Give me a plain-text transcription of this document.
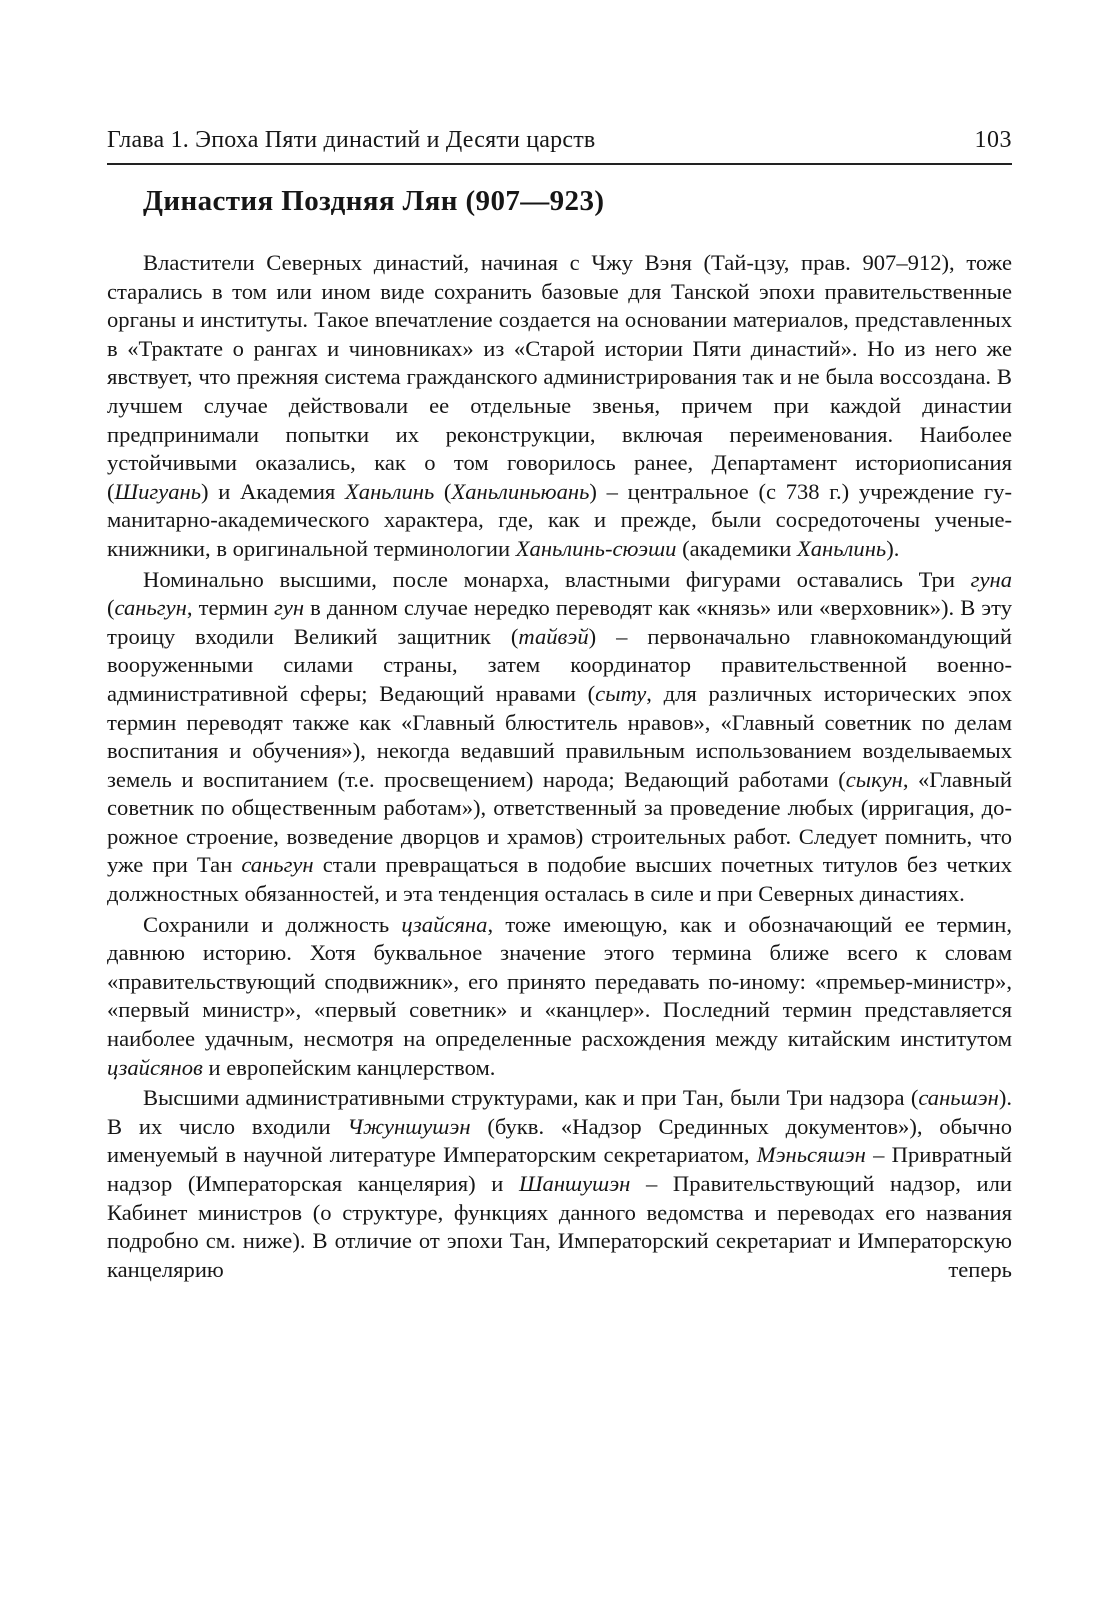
Глава 1. Эпоха Пяти династий и Десяти царств	103
Династия Поздняя Лян (907—923)

Властители Северных династий, начиная с Чжу Вэня (Тай-цзу, прав. 907–912), тоже старались в том или ином виде сохранить базовые для Танской эпохи правительственные органы и институты. Такое впечатление создается на основании материалов, представленных в «Трактате о рангах и чиновниках» из «Старой истории Пяти династий». Но из него же явствует, что прежняя система гражданского администрирования так и не была воссоздана. В лучшем случае действовали ее отдельные звенья, причем при каждой династии предпринимали попытки их реконструкции, включая переименования. Наиболее устойчивыми оказались, как о том говорилось ранее, Департамент историописания (Шигуань) и Академия Ханьлинь (Ханьлиньюань) – центральное (с 738 г.) учреждение гуманитарно-академического характера, где, как и прежде, были сосредоточены ученые-книжники, в оригинальной терминологии Ханьлинь-сюэши (академики Ханьлинь).

Номинально высшими, после монарха, властными фигурами оставались Три гуна (саньгун, термин гун в данном случае нередко переводят как «князь» или «верховник»). В эту троицу входили Великий защитник (тайвэй) – первоначально главнокомандующий вооруженными силами страны, затем координатор правительственной военно-административной сферы; Ведающий нравами (сыту, для различных исторических эпох термин переводят также как «Главный блюститель нравов», «Главный советник по делам воспитания и обучения»), некогда ведавший правильным использованием возделываемых земель и воспитанием (т.е. просвещением) народа; Ведающий работами (сыкун, «Главный советник по общественным работам»), ответственный за проведение любых (ирригация, дорожное строение, возведение дворцов и храмов) строительных работ. Следует помнить, что уже при Тан саньгун стали превращаться в подобие высших почетных титулов без четких должностных обязанностей, и эта тенденция осталась в силе и при Северных династиях.

Сохранили и должность цзайсяна, тоже имеющую, как и обозначающий ее термин, давнюю историю. Хотя буквальное значение этого термина ближе всего к словам «правительствующий сподвижник», его принято передавать по-иному: «премьер-министр», «первый министр», «первый советник» и «канцлер». Последний термин представляется наиболее удачным, несмотря на определенные расхождения между китайским институтом цзайсянов и европейским канцлерством.

Высшими административными структурами, как и при Тан, были Три надзора (саньшэн). В их число входили Чжуншушэн (букв. «Надзор Срединных документов»), обычно именуемый в научной литературе Императорским секретариатом, Мэньсяшэн – Привратный надзор (Императорская канцелярия) и Шаншушэн – Правительствующий надзор, или Кабинет министров (о структуре, функциях данного ведомства и переводах его названия подробно см. ниже). В отличие от эпохи Тан, Императорский секретариат и Императорскую канцелярию теперь
